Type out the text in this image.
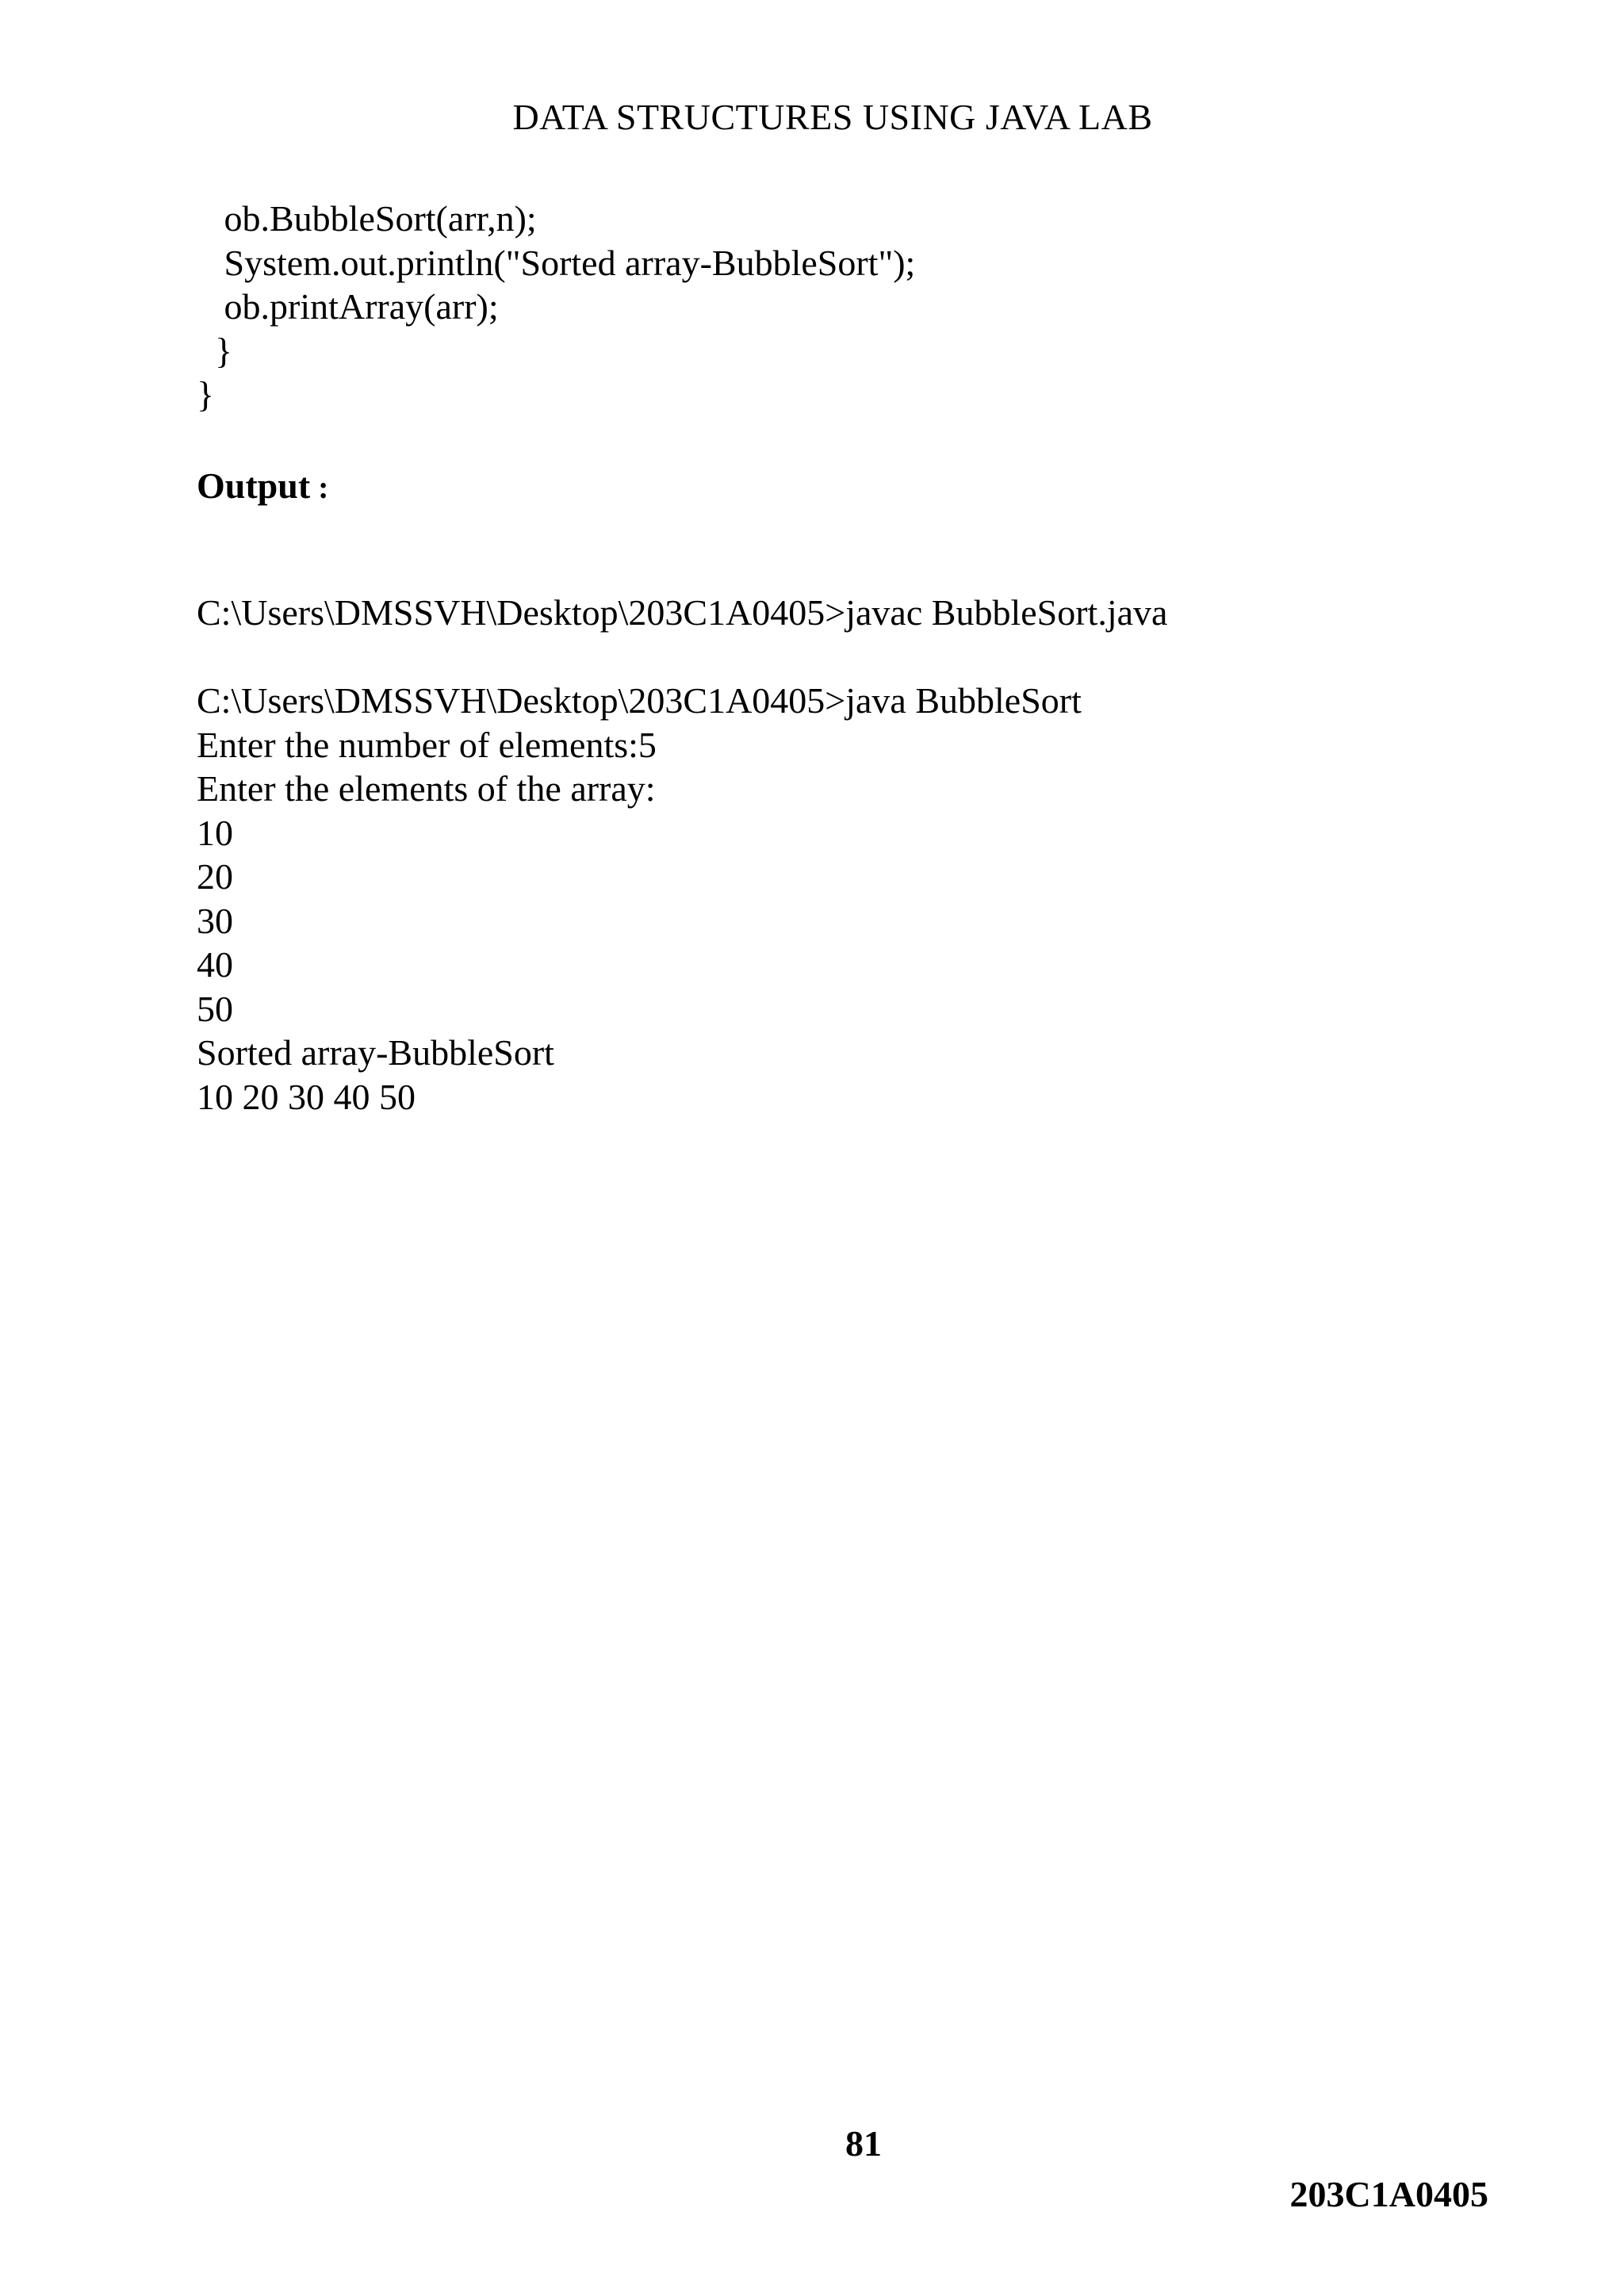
DATA STRUCTURES USING JAVA LAB
ob.BubbleSort(arr,n);
System.out.println("Sorted array-BubbleSort");
ob.printArray(arr);
}
}
Output :
C:\Users\DMSSVH\Desktop\203C1A0405>javac BubbleSort.java
C:\Users\DMSSVH\Desktop\203C1A0405>java BubbleSort
Enter the number of elements:5
Enter the elements of the array:
10
20
30
40
50
Sorted array-BubbleSort
10 20 30 40 50
81
203C1A0405
